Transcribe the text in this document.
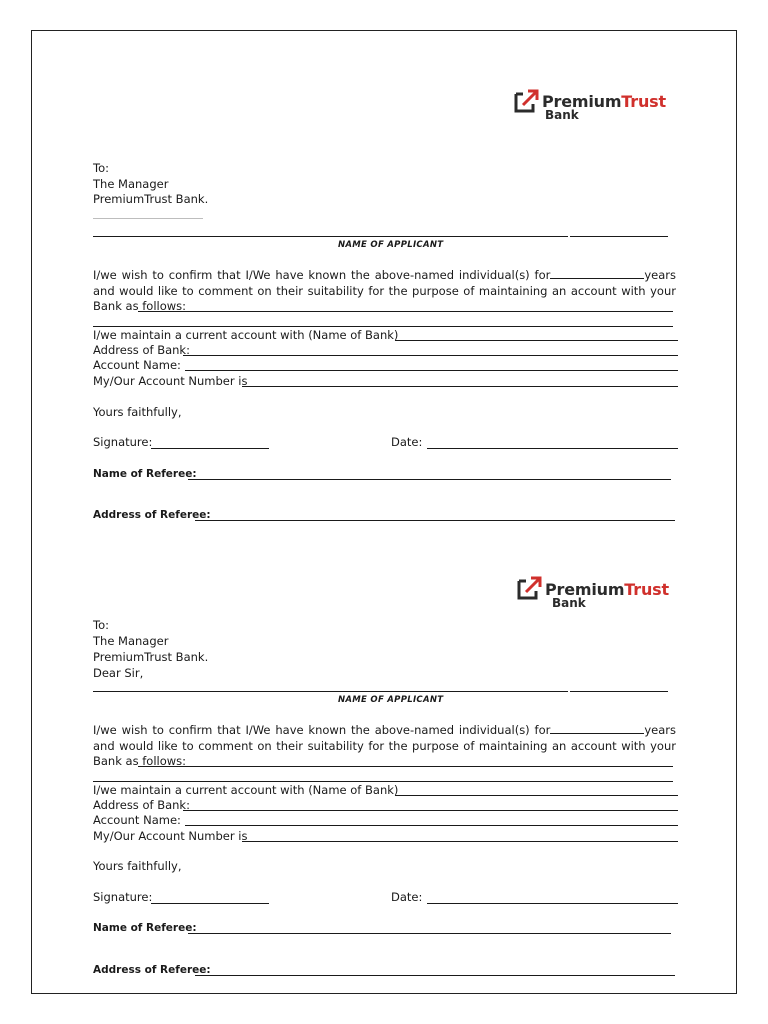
PremiumTrust
Bank
To:
The Manager
PremiumTrust Bank.
NAME OF APPLICANT
I/we wish to confirm that I/We have known the above-named individual(s) for	years and would like to comment on their suitability for the purpose of maintaining an account with your Bank as follows:
I/we maintain a current account with (Name of Bank)
Address of Bank:
Account Name:
My/Our Account Number is
Yours faithfully,
Signature:	Date:
Name of Referee:
Address of Referee:
PremiumTrust
Bank
To:
The Manager
PremiumTrust Bank.
Dear Sir,
NAME OF APPLICANT
I/we wish to confirm that I/We have known the above-named individual(s) for	years and would like to comment on their suitability for the purpose of maintaining an account with your Bank as follows:
I/we maintain a current account with (Name of Bank)
Address of Bank:
Account Name:
My/Our Account Number is
Yours faithfully,
Signature:	Date:
Name of Referee:
Address of Referee:
